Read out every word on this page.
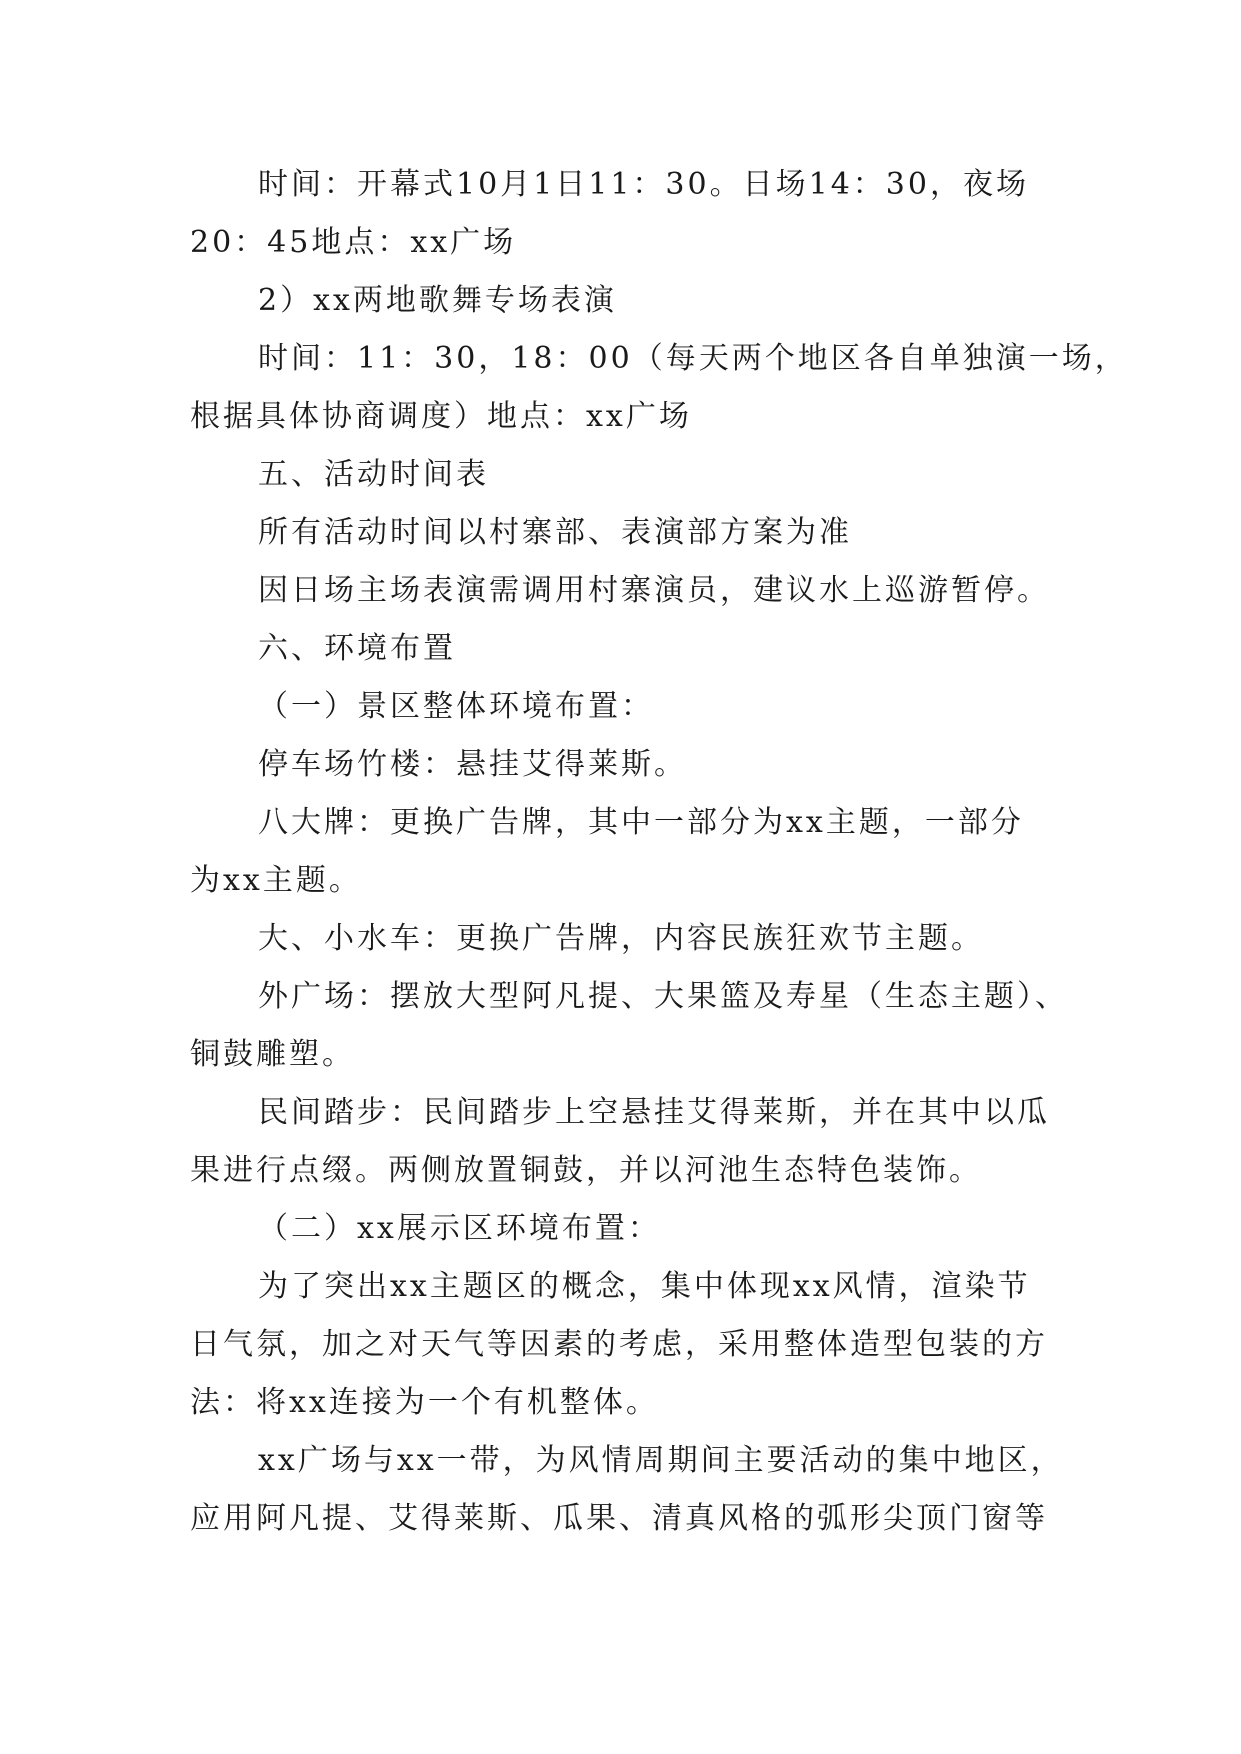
时间：开幕式10月1日11：30。日场14：30，夜场
20：45地点：xx广场
2）xx两地歌舞专场表演
时间：11：30，18：00（每天两个地区各自单独演一场，
根据具体协商调度）地点：xx广场
五、活动时间表
所有活动时间以村寨部、表演部方案为准
因日场主场表演需调用村寨演员，建议水上巡游暂停。
六、环境布置
（一）景区整体环境布置：
停车场竹楼：悬挂艾得莱斯。
八大牌：更换广告牌，其中一部分为xx主题，一部分
为xx主题。
大、小水车：更换广告牌，内容民族狂欢节主题。
外广场：摆放大型阿凡提、大果篮及寿星（生态主题）、
铜鼓雕塑。
民间踏步：民间踏步上空悬挂艾得莱斯，并在其中以瓜
果进行点缀。两侧放置铜鼓，并以河池生态特色装饰。
（二）xx展示区环境布置：
为了突出xx主题区的概念，集中体现xx风情，渲染节
日气氛，加之对天气等因素的考虑，采用整体造型包装的方
法：将xx连接为一个有机整体。
xx广场与xx一带，为风情周期间主要活动的集中地区，
应用阿凡提、艾得莱斯、瓜果、清真风格的弧形尖顶门窗等
